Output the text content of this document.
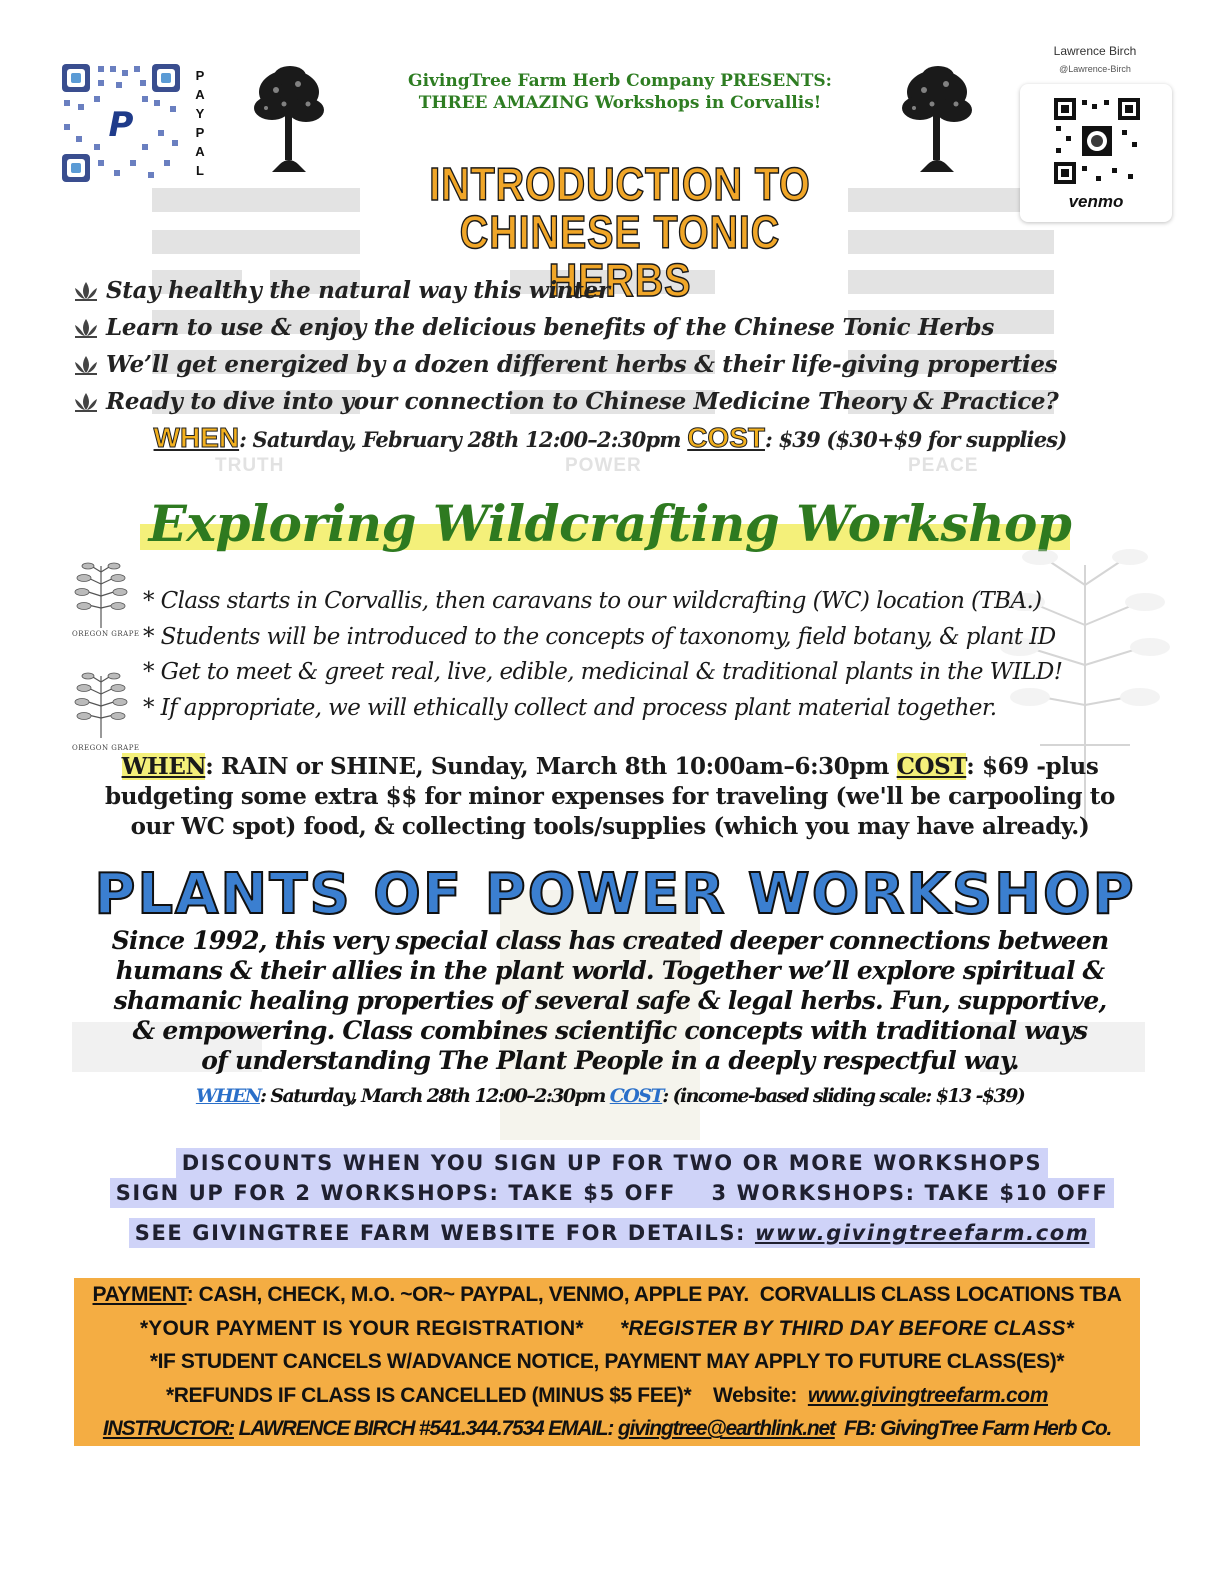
TRUTH	POWER	PEACE
P
P
A
Y
P
A
L
GivingTree Farm Herb Company PRESENTS:
THREE AMAZING Workshops in Corvallis!
Lawrence Birch
@Lawrence-Birch
venmo
INTRODUCTION TO
CHINESE TONIC HERBS
Stay healthy the natural way this winter
Learn to use & enjoy the delicious benefits of the Chinese Tonic Herbs
We’ll get energized by a dozen different herbs & their life-giving properties
Ready to dive into your connection to Chinese Medicine Theory & Practice?
WHEN: Saturday, February 28th 12:00–2:30pm COST: $39 ($30+$9 for supplies)
Exploring Wildcrafting Workshop
OREGON GRAPE
OREGON GRAPE
* Class starts in Corvallis, then caravans to our wildcrafting (WC) location (TBA.)
* Students will be introduced to the concepts of taxonomy, field botany, & plant ID
* Get to meet & greet real, live, edible, medicinal & traditional plants in the WILD!
* If appropriate, we will ethically collect and process plant material together.
WHEN: RAIN or SHINE, Sunday, March 8th 10:00am–6:30pm COST: $69 -plus
budgeting some extra $$ for minor expenses for traveling (we'll be carpooling to
our WC spot) food, & collecting tools/supplies (which you may have already.)
PLANTS OF POWER WORKSHOP
Since 1992, this very special class has created deeper connections between
humans & their allies in the plant world. Together we’ll explore spiritual &
shamanic healing properties of several safe & legal herbs. Fun, supportive,
& empowering. Class combines scientific concepts with traditional ways
of understanding The Plant People in a deeply respectful way.
WHEN: Saturday, March 28th 12:00–2:30pm COST: (income-based sliding scale: $13 -$39)
DISCOUNTS WHEN YOU SIGN UP FOR TWO OR MORE WORKSHOPS
SIGN UP FOR 2 WORKSHOPS: TAKE $5 OFF    3 WORKSHOPS: TAKE $10 OFF
SEE GIVINGTREE FARM WEBSITE FOR DETAILS: www.givingtreefarm.com
PAYMENT: CASH, CHECK, M.O. ~OR~ PAYPAL, VENMO, APPLE PAY.  CORVALLIS CLASS LOCATIONS TBA
*YOUR PAYMENT IS YOUR REGISTRATION* *REGISTER BY THIRD DAY BEFORE CLASS*
*IF STUDENT CANCELS W/ADVANCE NOTICE, PAYMENT MAY APPLY TO FUTURE CLASS(ES)*
*REFUNDS IF CLASS IS CANCELLED (MINUS $5 FEE)* Website: www.givingtreefarm.com
INSTRUCTOR: LAWRENCE BIRCH #541.344.7534 EMAIL: givingtree@earthlink.net FB: GivingTree Farm Herb Co.
